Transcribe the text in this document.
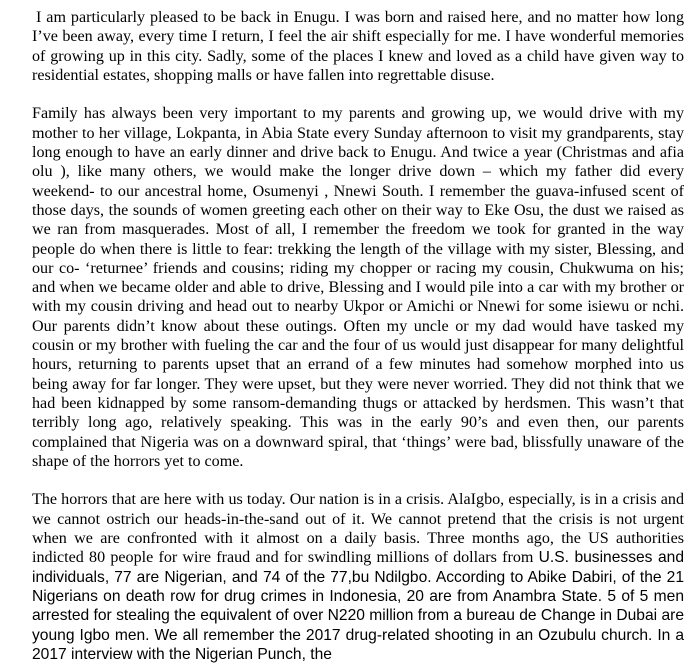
I am particularly pleased to be back in Enugu. I was born and raised here, and no matter how long I’ve been away, every time I return, I feel the air shift especially for me. I have wonderful memories of growing up in this city. Sadly, some of the places I knew and loved as a child have given way to residential estates, shopping malls or have fallen into regrettable disuse.

Family has always been very important to my parents and growing up, we would drive with my mother to her village, Lokpanta, in Abia State every Sunday afternoon to visit my grandparents, stay long enough to have an early dinner and drive back to Enugu. And twice a year (Christmas and afia olu ), like many others, we would make the longer drive down – which my father did every weekend- to our ancestral home, Osumenyi , Nnewi South. I remember the guava-infused scent of those days, the sounds of women greeting each other on their way to Eke Osu, the dust we raised as we ran from masquerades. Most of all, I remember the freedom we took for granted in the way people do when there is little to fear: trekking the length of the village with my sister, Blessing, and our co- ‘returnee’ friends and cousins; riding my chopper or racing my cousin, Chukwuma on his; and when we became older and able to drive, Blessing and I would pile into a car with my brother or with my cousin driving and head out to nearby Ukpor or Amichi or Nnewi for some isiewu or nchi. Our parents didn’t know about these outings. Often my uncle or my dad would have tasked my cousin or my brother with fueling the car and the four of us would just disappear for many delightful hours, returning to parents upset that an errand of a few minutes had somehow morphed into us being away for far longer. They were upset, but they were never worried. They did not think that we had been kidnapped by some ransom-demanding thugs or attacked by herdsmen. This wasn’t that terribly long ago, relatively speaking. This was in the early 90’s and even then, our parents complained that Nigeria was on a downward spiral, that ‘things’ were bad, blissfully unaware of the shape of the horrors yet to come.

The horrors that are here with us today. Our nation is in a crisis. AlaIgbo, especially, is in a crisis and we cannot ostrich our heads-in-the-sand out of it. We cannot pretend that the crisis is not urgent when we are confronted with it almost on a daily basis. Three months ago, the US authorities indicted 80 people for wire fraud and for swindling millions of dollars from U.S. businesses and individuals, 77 are Nigerian, and 74 of the 77,bu Ndilgbo. According to Abike Dabiri, of the 21 Nigerians on death row for drug crimes in Indonesia, 20 are from Anambra State. 5 of 5 men arrested for stealing the equivalent of over N220 million from a bureau de Change in Dubai are young Igbo men. We all remember the 2017 drug-related shooting in an Ozubulu church. In a 2017 interview with the Nigerian Punch, the
